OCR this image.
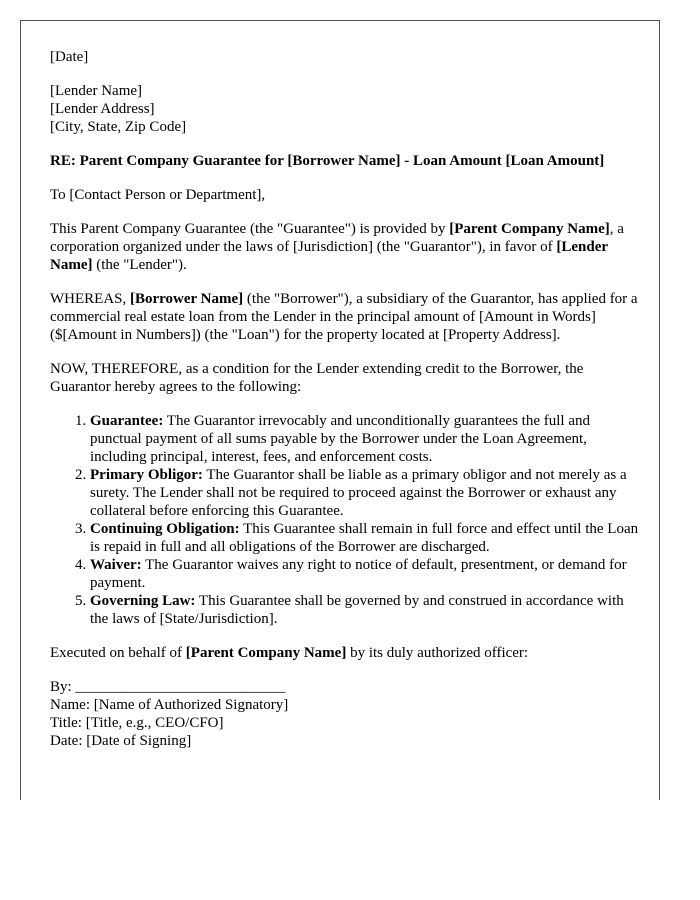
[Date]

[Lender Name]

[Lender Address]

[City, State, Zip Code]

RE: Parent Company Guarantee for [Borrower Name] - Loan Amount [Loan Amount]

To [Contact Person or Department],

This Parent Company Guarantee (the "Guarantee") is provided by [Parent Company Name], a corporation organized under the laws of [Jurisdiction] (the "Guarantor"), in favor of [Lender Name] (the "Lender").

WHEREAS, [Borrower Name] (the "Borrower"), a subsidiary of the Guarantor, has applied for a commercial real estate loan from the Lender in the principal amount of [Amount in Words] ($[Amount in Numbers]) (the "Loan") for the property located at [Property Address].

NOW, THEREFORE, as a condition for the Lender extending credit to the Borrower, the Guarantor hereby agrees to the following:

1. Guarantee: The Guarantor irrevocably and unconditionally guarantees the full and punctual payment of all sums payable by the Borrower under the Loan Agreement, including principal, interest, fees, and enforcement costs.
2. Primary Obligor: The Guarantor shall be liable as a primary obligor and not merely as a surety. The Lender shall not be required to proceed against the Borrower or exhaust any collateral before enforcing this Guarantee.
3. Continuing Obligation: This Guarantee shall remain in full force and effect until the Loan is repaid in full and all obligations of the Borrower are discharged.
4. Waiver: The Guarantor waives any right to notice of default, presentment, or demand for payment.
5. Governing Law: This Guarantee shall be governed by and construed in accordance with the laws of [State/Jurisdiction].

Executed on behalf of [Parent Company Name] by its duly authorized officer:

By: ____________________________

Name: [Name of Authorized Signatory]

Title: [Title, e.g., CEO/CFO]

Date: [Date of Signing]
